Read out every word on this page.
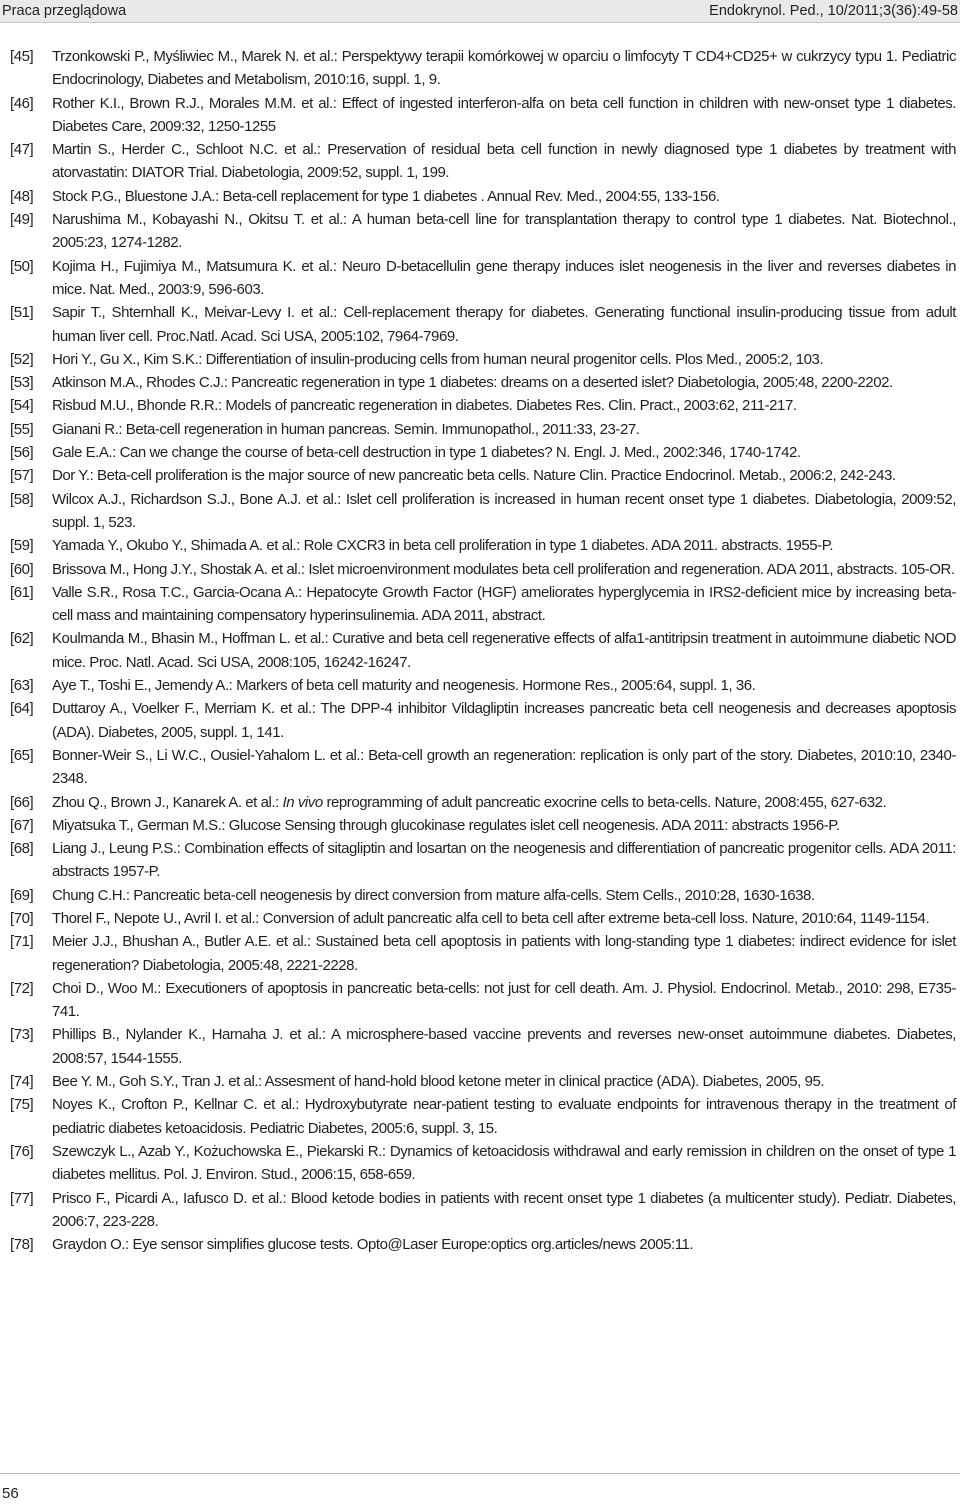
Praca przeglądowa	Endokrynol. Ped., 10/2011;3(36):49-58
[45] Trzonkowski P., Myśliwiec M., Marek N. et al.: Perspektywy terapii komórkowej w oparciu o limfocyty T CD4+CD25+ w cukrzycy typu 1. Pediatric Endocrinology, Diabetes and Metabolism, 2010:16, suppl. 1, 9.
[46] Rother K.I., Brown R.J., Morales M.M. et al.: Effect of ingested interferon-alfa on beta cell function in children with new-onset type 1 diabetes. Diabetes Care, 2009:32, 1250-1255
[47] Martin S., Herder C., Schloot N.C. et al.: Preservation of residual beta cell function in newly diagnosed type 1 diabetes by treatment with atorvastatin: DIATOR Trial. Diabetologia, 2009:52, suppl. 1, 199.
[48] Stock P.G., Bluestone J.A.: Beta-cell replacement for type 1 diabetes . Annual Rev. Med., 2004:55, 133-156.
[49] Narushima M., Kobayashi N., Okitsu T. et al.: A human beta-cell line for transplantation therapy to control type 1 diabetes. Nat. Biotechnol., 2005:23, 1274-1282.
[50] Kojima H., Fujimiya M., Matsumura K. et al.: Neuro D-betacellulin gene therapy induces islet neogenesis in the liver and reverses diabetes in mice. Nat. Med., 2003:9, 596-603.
[51] Sapir T., Shternhall K., Meivar-Levy I. et al.: Cell-replacement therapy for diabetes. Generating functional insulin-producing tissue from adult human liver cell. Proc.Natl. Acad. Sci USA, 2005:102, 7964-7969.
[52] Hori Y., Gu X., Kim S.K.: Differentiation of insulin-producing cells from human neural progenitor cells. Plos Med., 2005:2, 103.
[53] Atkinson M.A., Rhodes C.J.: Pancreatic regeneration in type 1 diabetes: dreams on a deserted islet? Diabetologia, 2005:48, 2200-2202.
[54] Risbud M.U., Bhonde R.R.: Models of pancreatic regeneration in diabetes. Diabetes Res. Clin. Pract., 2003:62, 211-217.
[55] Gianani R.: Beta-cell regeneration in human pancreas. Semin. Immunopathol., 2011:33, 23-27.
[56] Gale E.A.: Can we change the course of beta-cell destruction in type 1 diabetes? N. Engl. J. Med., 2002:346, 1740-1742.
[57] Dor Y.: Beta-cell proliferation is the major source of new pancreatic beta cells. Nature Clin. Practice Endocrinol. Metab., 2006:2, 242-243.
[58] Wilcox A.J., Richardson S.J., Bone A.J. et al.: Islet cell proliferation is increased in human recent onset type 1 diabetes. Diabetologia, 2009:52, suppl. 1, 523.
[59] Yamada Y., Okubo Y., Shimada A. et al.: Role CXCR3 in beta cell proliferation in type 1 diabetes. ADA 2011. abstracts. 1955-P.
[60] Brissova M., Hong J.Y., Shostak A. et al.: Islet microenvironment modulates beta cell proliferation and regeneration. ADA 2011, abstracts. 105-OR.
[61] Valle S.R., Rosa T.C., Garcia-Ocana A.: Hepatocyte Growth Factor (HGF) ameliorates hyperglycemia in IRS2-deficient mice by increasing beta-cell mass and maintaining compensatory hyperinsulinemia. ADA 2011, abstract.
[62] Koulmanda M., Bhasin M., Hoffman L. et al.: Curative and beta cell regenerative effects of alfa1-antitripsin treatment in autoimmune diabetic NOD mice. Proc. Natl. Acad. Sci USA, 2008:105, 16242-16247.
[63] Aye T., Toshi E., Jemendy A.: Markers of beta cell maturity and neogenesis. Hormone Res., 2005:64, suppl. 1, 36.
[64] Duttaroy A., Voelker F., Merriam K. et al.: The DPP-4 inhibitor Vildagliptin increases pancreatic beta cell neogenesis and decreases apoptosis (ADA). Diabetes, 2005, suppl. 1, 141.
[65] Bonner-Weir S., Li W.C., Ousiel-Yahalom L. et al.: Beta-cell growth an regeneration: replication is only part of the story. Diabetes, 2010:10, 2340-2348.
[66] Zhou Q., Brown J., Kanarek A. et al.: In vivo reprogramming of adult pancreatic exocrine cells to beta-cells. Nature, 2008:455, 627-632.
[67] Miyatsuka T., German M.S.: Glucose Sensing through glucokinase regulates islet cell neogenesis. ADA 2011: abstracts 1956-P.
[68] Liang J., Leung P.S.: Combination effects of sitagliptin and losartan on the neogenesis and differentiation of pancreatic progenitor cells. ADA 2011: abstracts 1957-P.
[69] Chung C.H.: Pancreatic beta-cell neogenesis by direct conversion from mature alfa-cells. Stem Cells., 2010:28, 1630-1638.
[70] Thorel F., Nepote U., Avril I. et al.: Conversion of adult pancreatic alfa cell to beta cell after extreme beta-cell loss. Nature, 2010:64, 1149-1154.
[71] Meier J.J., Bhushan A., Butler A.E. et al.: Sustained beta cell apoptosis in patients with long-standing type 1 diabetes: indirect evidence for islet regeneration? Diabetologia, 2005:48, 2221-2228.
[72] Choi D., Woo M.: Executioners of apoptosis in pancreatic beta-cells: not just for cell death. Am. J. Physiol. Endocrinol. Metab., 2010: 298, E735-741.
[73] Phillips B., Nylander K., Harnaha J. et al.: A microsphere-based vaccine prevents and reverses new-onset autoimmune diabetes. Diabetes, 2008:57, 1544-1555.
[74] Bee Y. M., Goh S.Y., Tran J. et al.: Assesment of hand-hold blood ketone meter in clinical practice (ADA). Diabetes, 2005, 95.
[75] Noyes K., Crofton P., Kellnar C. et al.: Hydroxybutyrate near-patient testing to evaluate endpoints for intravenous therapy in the treatment of pediatric diabetes ketoacidosis. Pediatric Diabetes, 2005:6, suppl. 3, 15.
[76] Szewczyk L., Azab Y., Kożuchowska E., Piekarski R.: Dynamics of ketoacidosis withdrawal and early remission in children on the onset of type 1 diabetes mellitus. Pol. J. Environ. Stud., 2006:15, 658-659.
[77] Prisco F., Picardi A., Iafusco D. et al.: Blood ketode bodies in patients with recent onset type 1 diabetes (a multicenter study). Pediatr. Diabetes, 2006:7, 223-228.
[78] Graydon O.: Eye sensor simplifies glucose tests. Opto@Laser Europe:optics org.articles/news 2005:11.
56
